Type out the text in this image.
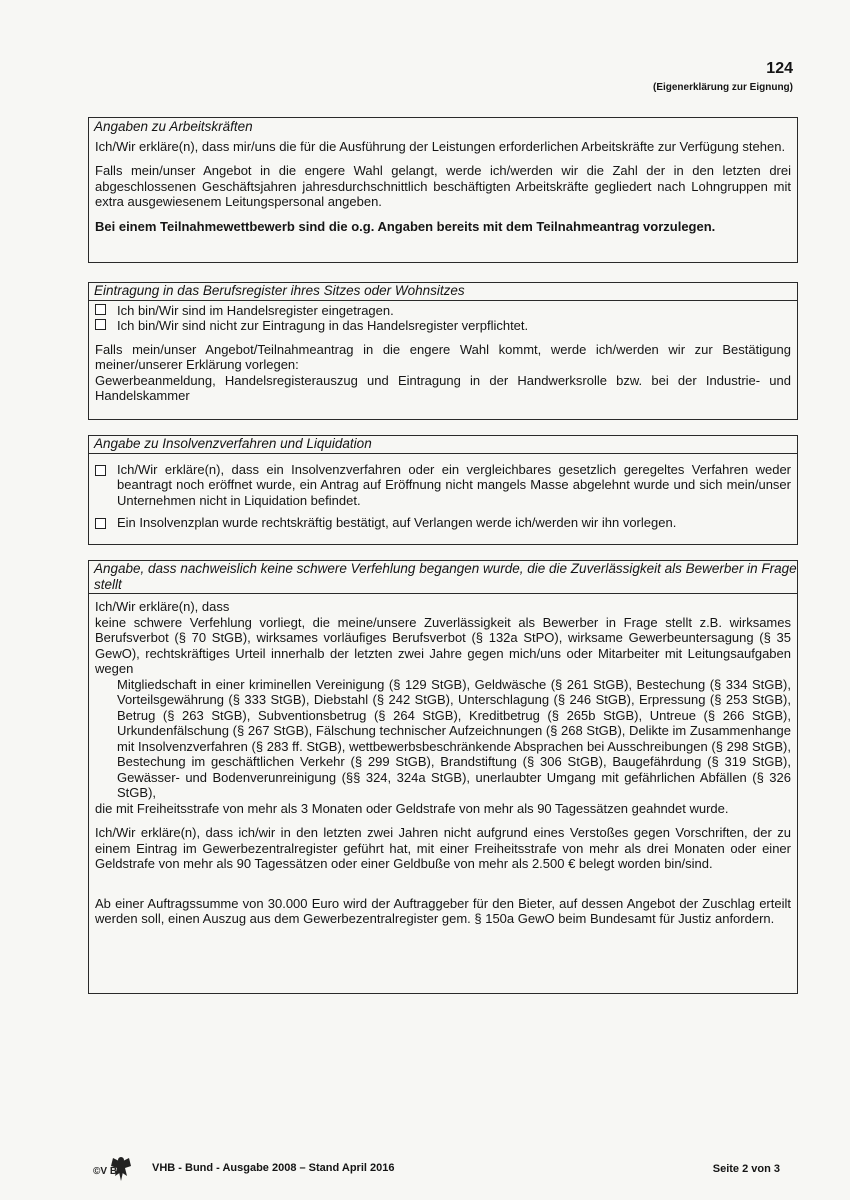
124
(Eigenerklärung zur Eignung)
Angaben zu Arbeitskräften

Ich/Wir erkläre(n), dass mir/uns die für die Ausführung der Leistungen erforderlichen Arbeitskräfte zur Verfügung stehen.

Falls mein/unser Angebot in die engere Wahl gelangt, werde ich/werden wir die Zahl der in den letzten drei abgeschlossenen Geschäftsjahren jahresdurchschnittlich beschäftigten Arbeitskräfte gegliedert nach Lohngruppen mit extra ausgewiesenem Leitungspersonal angeben.

Bei einem Teilnahmewettbewerb sind die o.g. Angaben bereits mit dem Teilnahmeantrag vorzulegen.

Eintragung in das Berufsregister ihres Sitzes oder Wohnsitzes
Ich bin/Wir sind im Handelsregister eingetragen.
Ich bin/Wir sind nicht zur Eintragung in das Handelsregister verpflichtet.

Falls mein/unser Angebot/Teilnahmeantrag in die engere Wahl kommt, werde ich/werden wir zur Bestätigung meiner/unserer Erklärung vorlegen:

Gewerbeanmeldung, Handelsregisterauszug und Eintragung in der Handwerksrolle bzw. bei der Industrie- und Handelskammer

Angabe zu Insolvenzverfahren und Liquidation
Ich/Wir erkläre(n), dass ein Insolvenzverfahren oder ein vergleichbares gesetzlich geregeltes Verfahren weder beantragt noch eröffnet wurde, ein Antrag auf Eröffnung nicht mangels Masse abgelehnt wurde und sich mein/unser Unternehmen nicht in Liquidation befindet.
Ein Insolvenzplan wurde rechtskräftig bestätigt, auf Verlangen werde ich/werden wir ihn vorlegen.
Angabe, dass nachweislich keine schwere Verfehlung begangen wurde, die die Zuverlässigkeit als Bewerber in Frage stellt

Ich/Wir erkläre(n), dass

keine schwere Verfehlung vorliegt, die meine/unsere Zuverlässigkeit als Bewerber in Frage stellt z.B. wirksames Berufsverbot (§ 70 StGB), wirksames vorläufiges Berufsverbot (§ 132a StPO), wirksame Gewerbeuntersagung (§ 35 GewO), rechtskräftiges Urteil innerhalb der letzten zwei Jahre gegen mich/uns oder Mitarbeiter mit Leitungsaufgaben wegen

Mitgliedschaft in einer kriminellen Vereinigung (§ 129 StGB), Geldwäsche (§ 261 StGB), Bestechung (§ 334 StGB), Vorteilsgewährung (§ 333 StGB), Diebstahl (§ 242 StGB), Unterschlagung (§ 246 StGB), Erpressung (§ 253 StGB), Betrug (§ 263 StGB), Subventionsbetrug (§ 264 StGB), Kreditbetrug (§ 265b StGB), Untreue (§ 266 StGB), Urkundenfälschung (§ 267 StGB), Fälschung technischer Aufzeichnungen (§ 268 StGB), Delikte im Zusammenhange mit Insolvenzverfahren (§ 283 ff. StGB), wettbewerbsbeschränkende Absprachen bei Ausschreibungen (§ 298 StGB), Bestechung im geschäftlichen Verkehr (§ 299 StGB), Brandstiftung (§ 306 StGB), Baugefährdung (§ 319 StGB), Gewässer- und Bodenverunreinigung (§§ 324, 324a StGB), unerlaubter Umgang mit gefährlichen Abfällen (§ 326 StGB),

die mit Freiheitsstrafe von mehr als 3 Monaten oder Geldstrafe von mehr als 90 Tagessätzen geahndet wurde.

Ich/Wir erkläre(n), dass ich/wir in den letzten zwei Jahren nicht aufgrund eines Verstoßes gegen Vorschriften, der zu einem Eintrag im Gewerbezentralregister geführt hat, mit einer Freiheitsstrafe von mehr als drei Monaten oder einer Geldstrafe von mehr als 90 Tagessätzen oder einer Geldbuße von mehr als 2.500 € belegt worden bin/sind.

Ab einer Auftragssumme von 30.000 Euro wird der Auftraggeber für den Bieter, auf dessen Angebot der Zuschlag erteilt werden soll, einen Auszug aus dem Gewerbezentralregister gem. § 150a GewO beim Bundesamt für Justiz anfordern.

©V B	VHB - Bund - Ausgabe 2008 – Stand April 2016	Seite 2 von 3
